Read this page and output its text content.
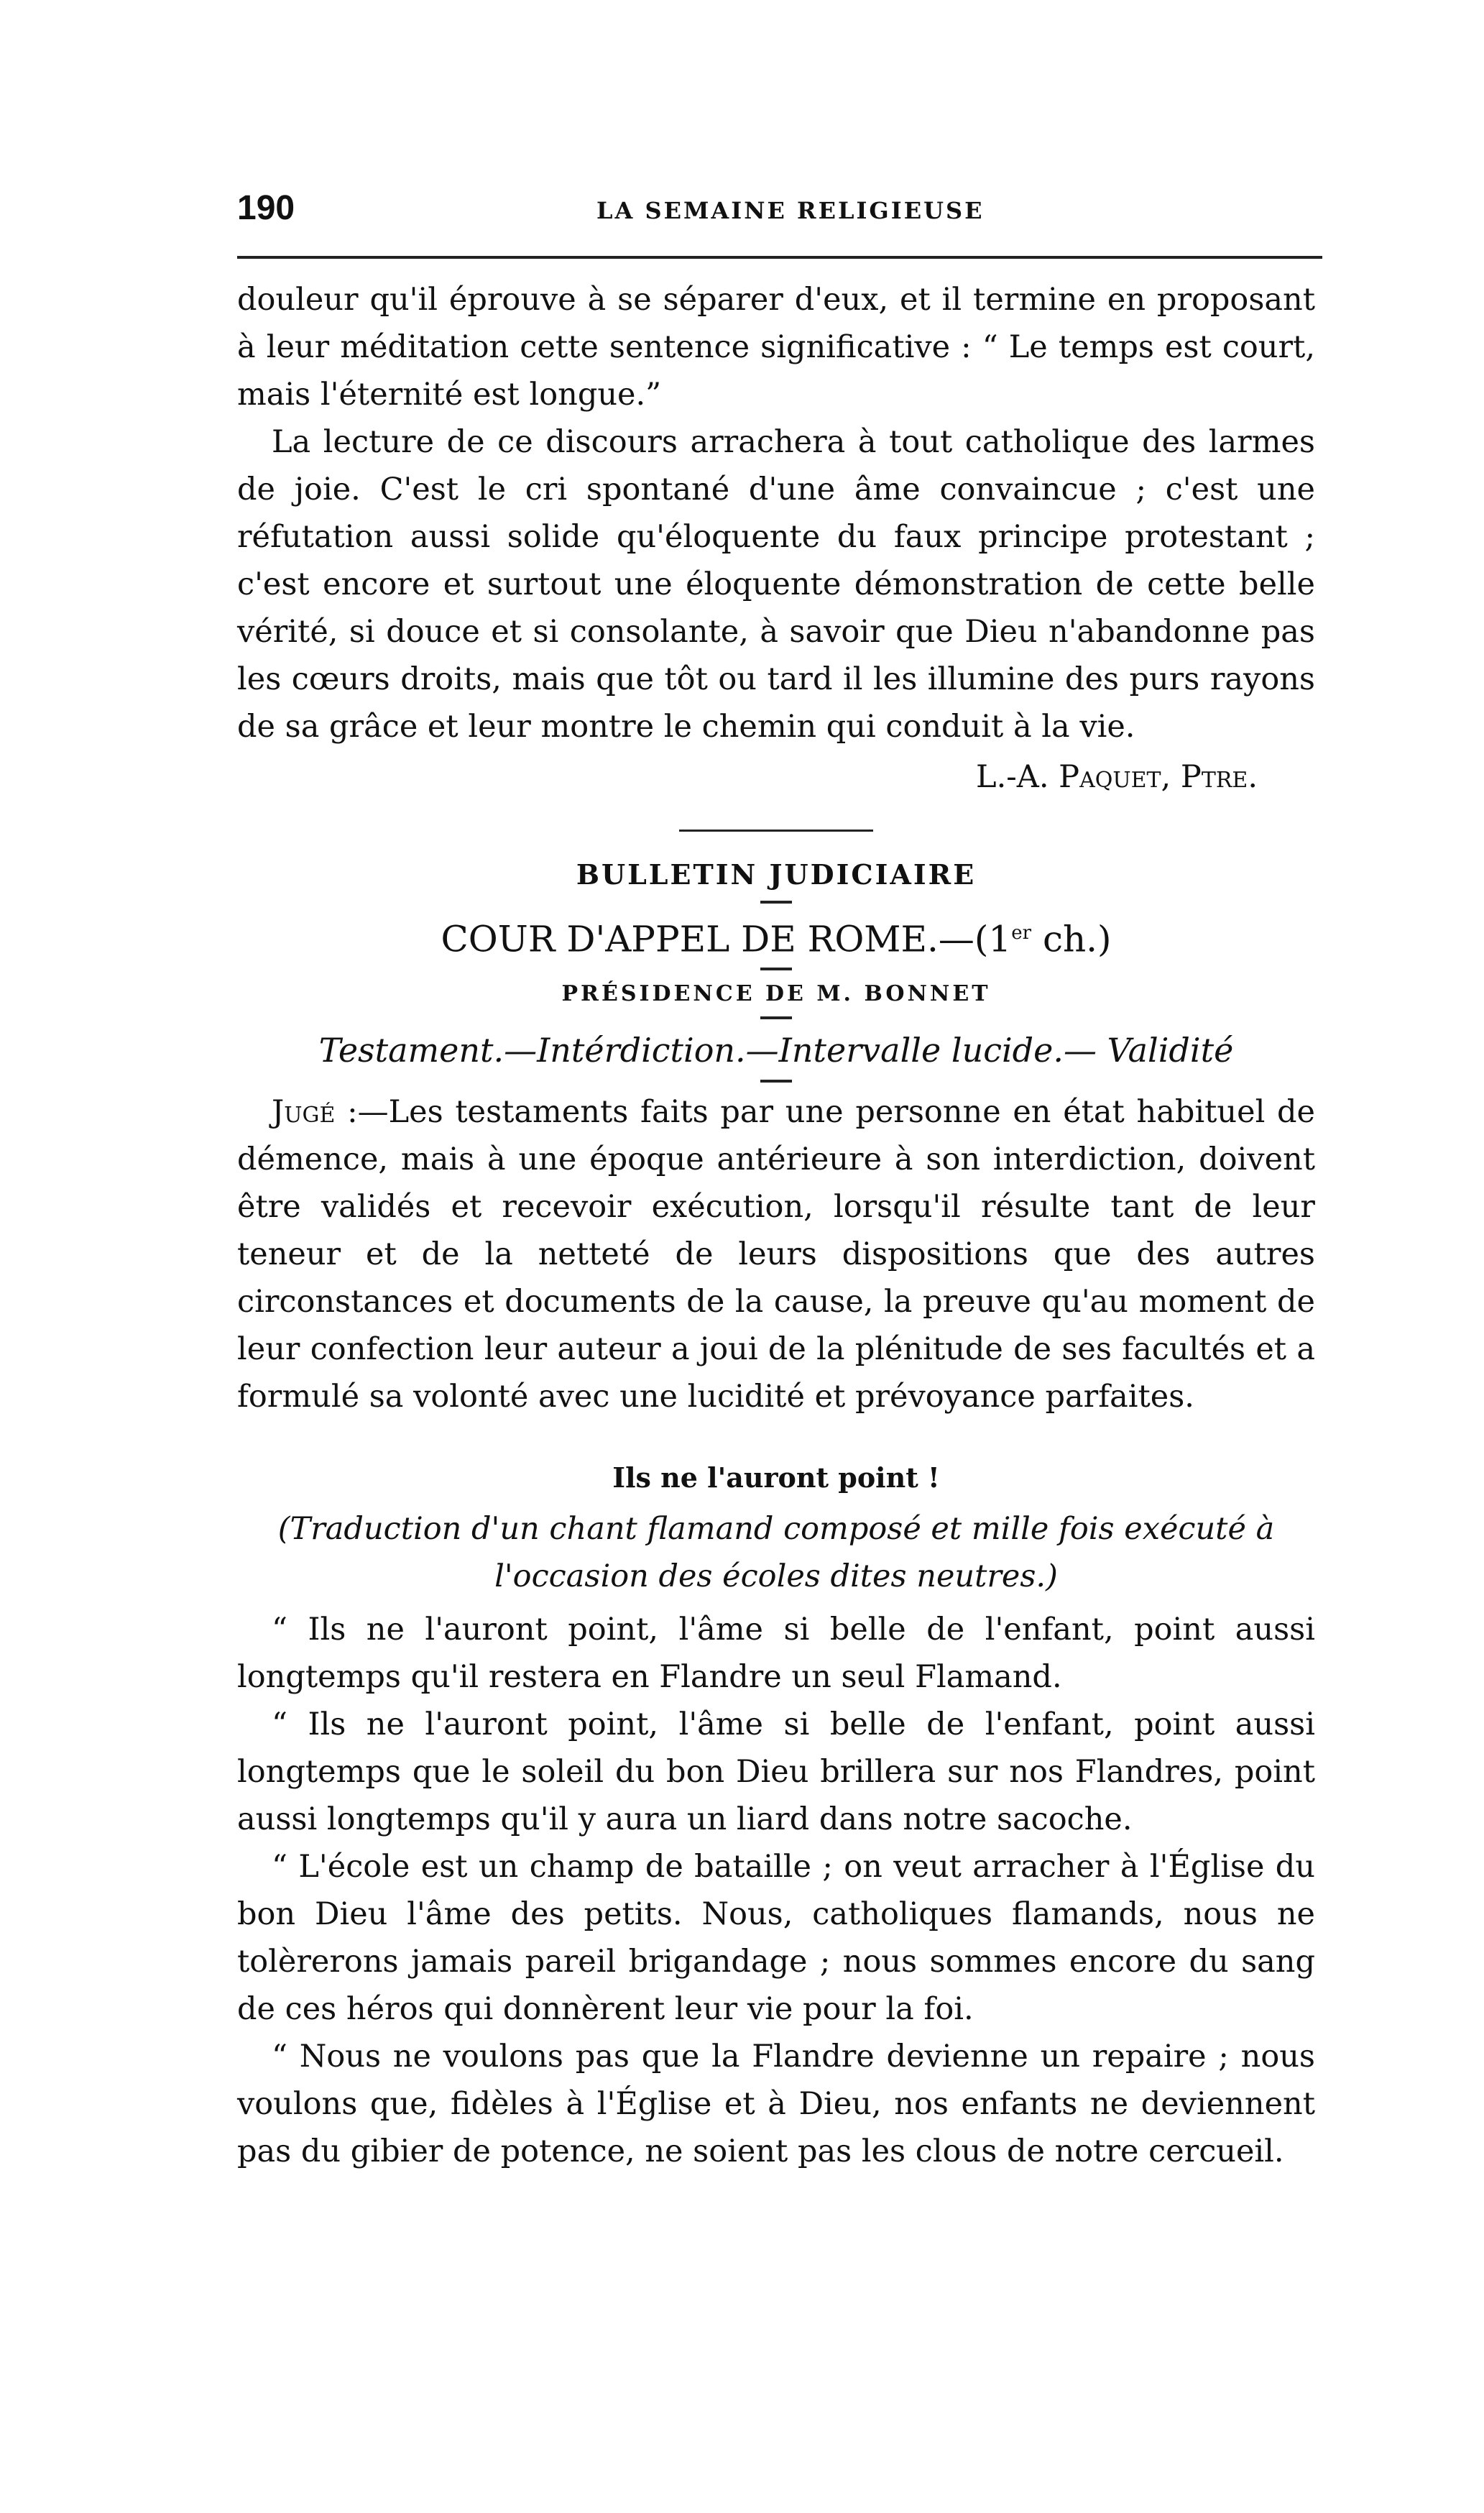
190	LA SEMAINE RELIGIEUSE

douleur qu'il éprouve à se séparer d'eux, et il termine en proposant à leur méditation cette sentence significative : “ Le temps est court, mais l'éternité est longue.”

La lecture de ce discours arrachera à tout catholique des larmes de joie. C'est le cri spontané d'une âme convaincue ; c'est une réfutation aussi solide qu'éloquente du faux principe protestant ; c'est encore et surtout une éloquente démonstration de cette belle vérité, si douce et si consolante, à savoir que Dieu n'abandonne pas les cœurs droits, mais que tôt ou tard il les illumine des purs rayons de sa grâce et leur montre le chemin qui conduit à la vie.

L.-A. Paquet, Ptre.

BULLETIN JUDICIAIRE

COUR D'APPEL DE ROME.—(1er ch.)

PRÉSIDENCE DE M. BONNET

Testament.—Intérdiction.—Intervalle lucide.— Validité

Jugé :—Les testaments faits par une personne en état habituel de démence, mais à une époque antérieure à son interdiction, doivent être validés et recevoir exécution, lorsqu'il résulte tant de leur teneur et de la netteté de leurs dispositions que des autres circonstances et documents de la cause, la preuve qu'au moment de leur confection leur auteur a joui de la plénitude de ses facultés et a formulé sa volonté avec une lucidité et prévoyance parfaites.

Ils ne l'auront point !

(Traduction d'un chant flamand composé et mille fois exécuté à l'occasion des écoles dites neutres.)

“ Ils ne l'auront point, l'âme si belle de l'enfant, point aussi longtemps qu'il restera en Flandre un seul Flamand.

“ Ils ne l'auront point, l'âme si belle de l'enfant, point aussi longtemps que le soleil du bon Dieu brillera sur nos Flandres, point aussi longtemps qu'il y aura un liard dans notre sacoche.

“ L'école est un champ de bataille ; on veut arracher à l'Église du bon Dieu l'âme des petits. Nous, catholiques flamands, nous ne tolèrerons jamais pareil brigandage ; nous sommes encore du sang de ces héros qui donnèrent leur vie pour la foi.

“ Nous ne voulons pas que la Flandre devienne un repaire ; nous voulons que, fidèles à l'Église et à Dieu, nos enfants ne deviennent pas du gibier de potence, ne soient pas les clous de notre cercueil.
